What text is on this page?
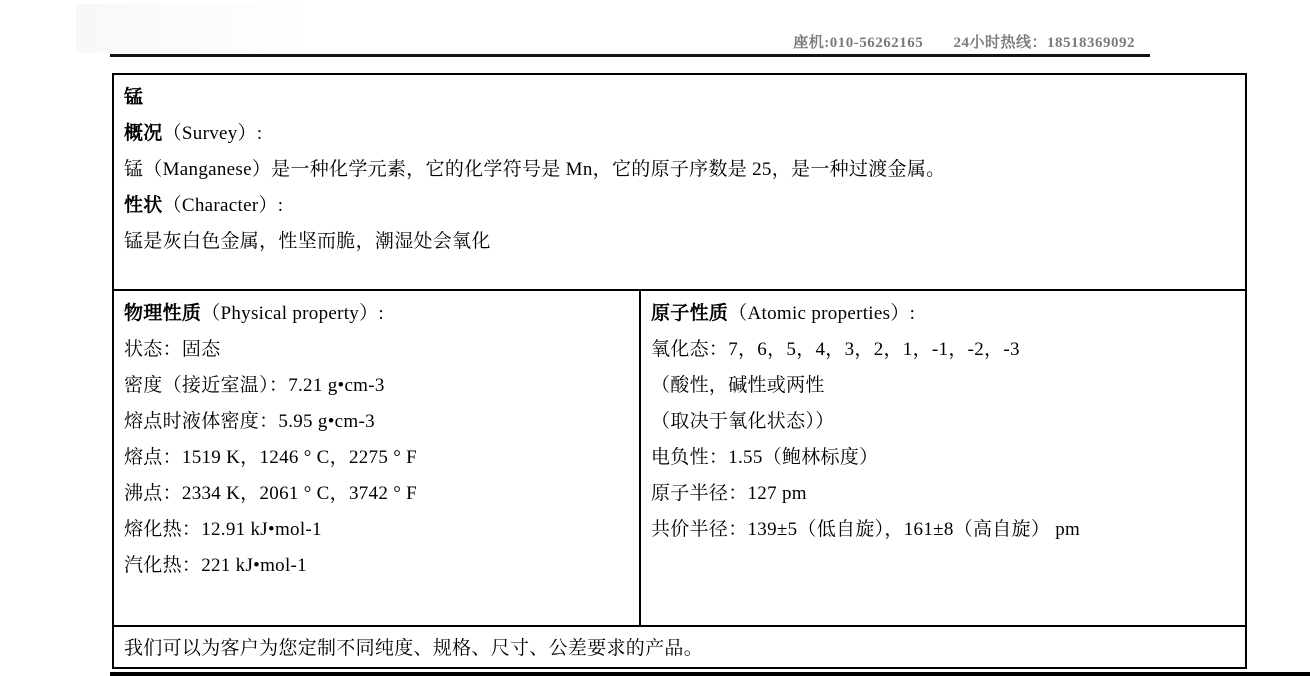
座机:010-56262165 24小时热线：18518369092
锰
概况（Survey）:
锰（Manganese）是一种化学元素，它的化学符号是 Mn，它的原子序数是 25，是一种过渡金属。
性状（Character）:
锰是灰白色金属，性坚而脆，潮湿处会氧化
物理性质（Physical property）:
状态：固态
密度（接近室温）：7.21 g•cm-3
熔点时液体密度：5.95 g•cm-3
熔点：1519 K，1246 ° C，2275 ° F
沸点：2334 K，2061 ° C，3742 ° F
熔化热：12.91 kJ•mol-1
汽化热：221 kJ•mol-1
原子性质（Atomic properties）:
氧化态：7，6，5，4，3，2，1，-1，-2，-3
（酸性，碱性或两性
（取决于氧化状态））
电负性：1.55（鲍林标度）
原子半径：127 pm
共价半径：139±5（低自旋），161±8（高自旋） pm
我们可以为客户为您定制不同纯度、规格、尺寸、公差要求的产品。
